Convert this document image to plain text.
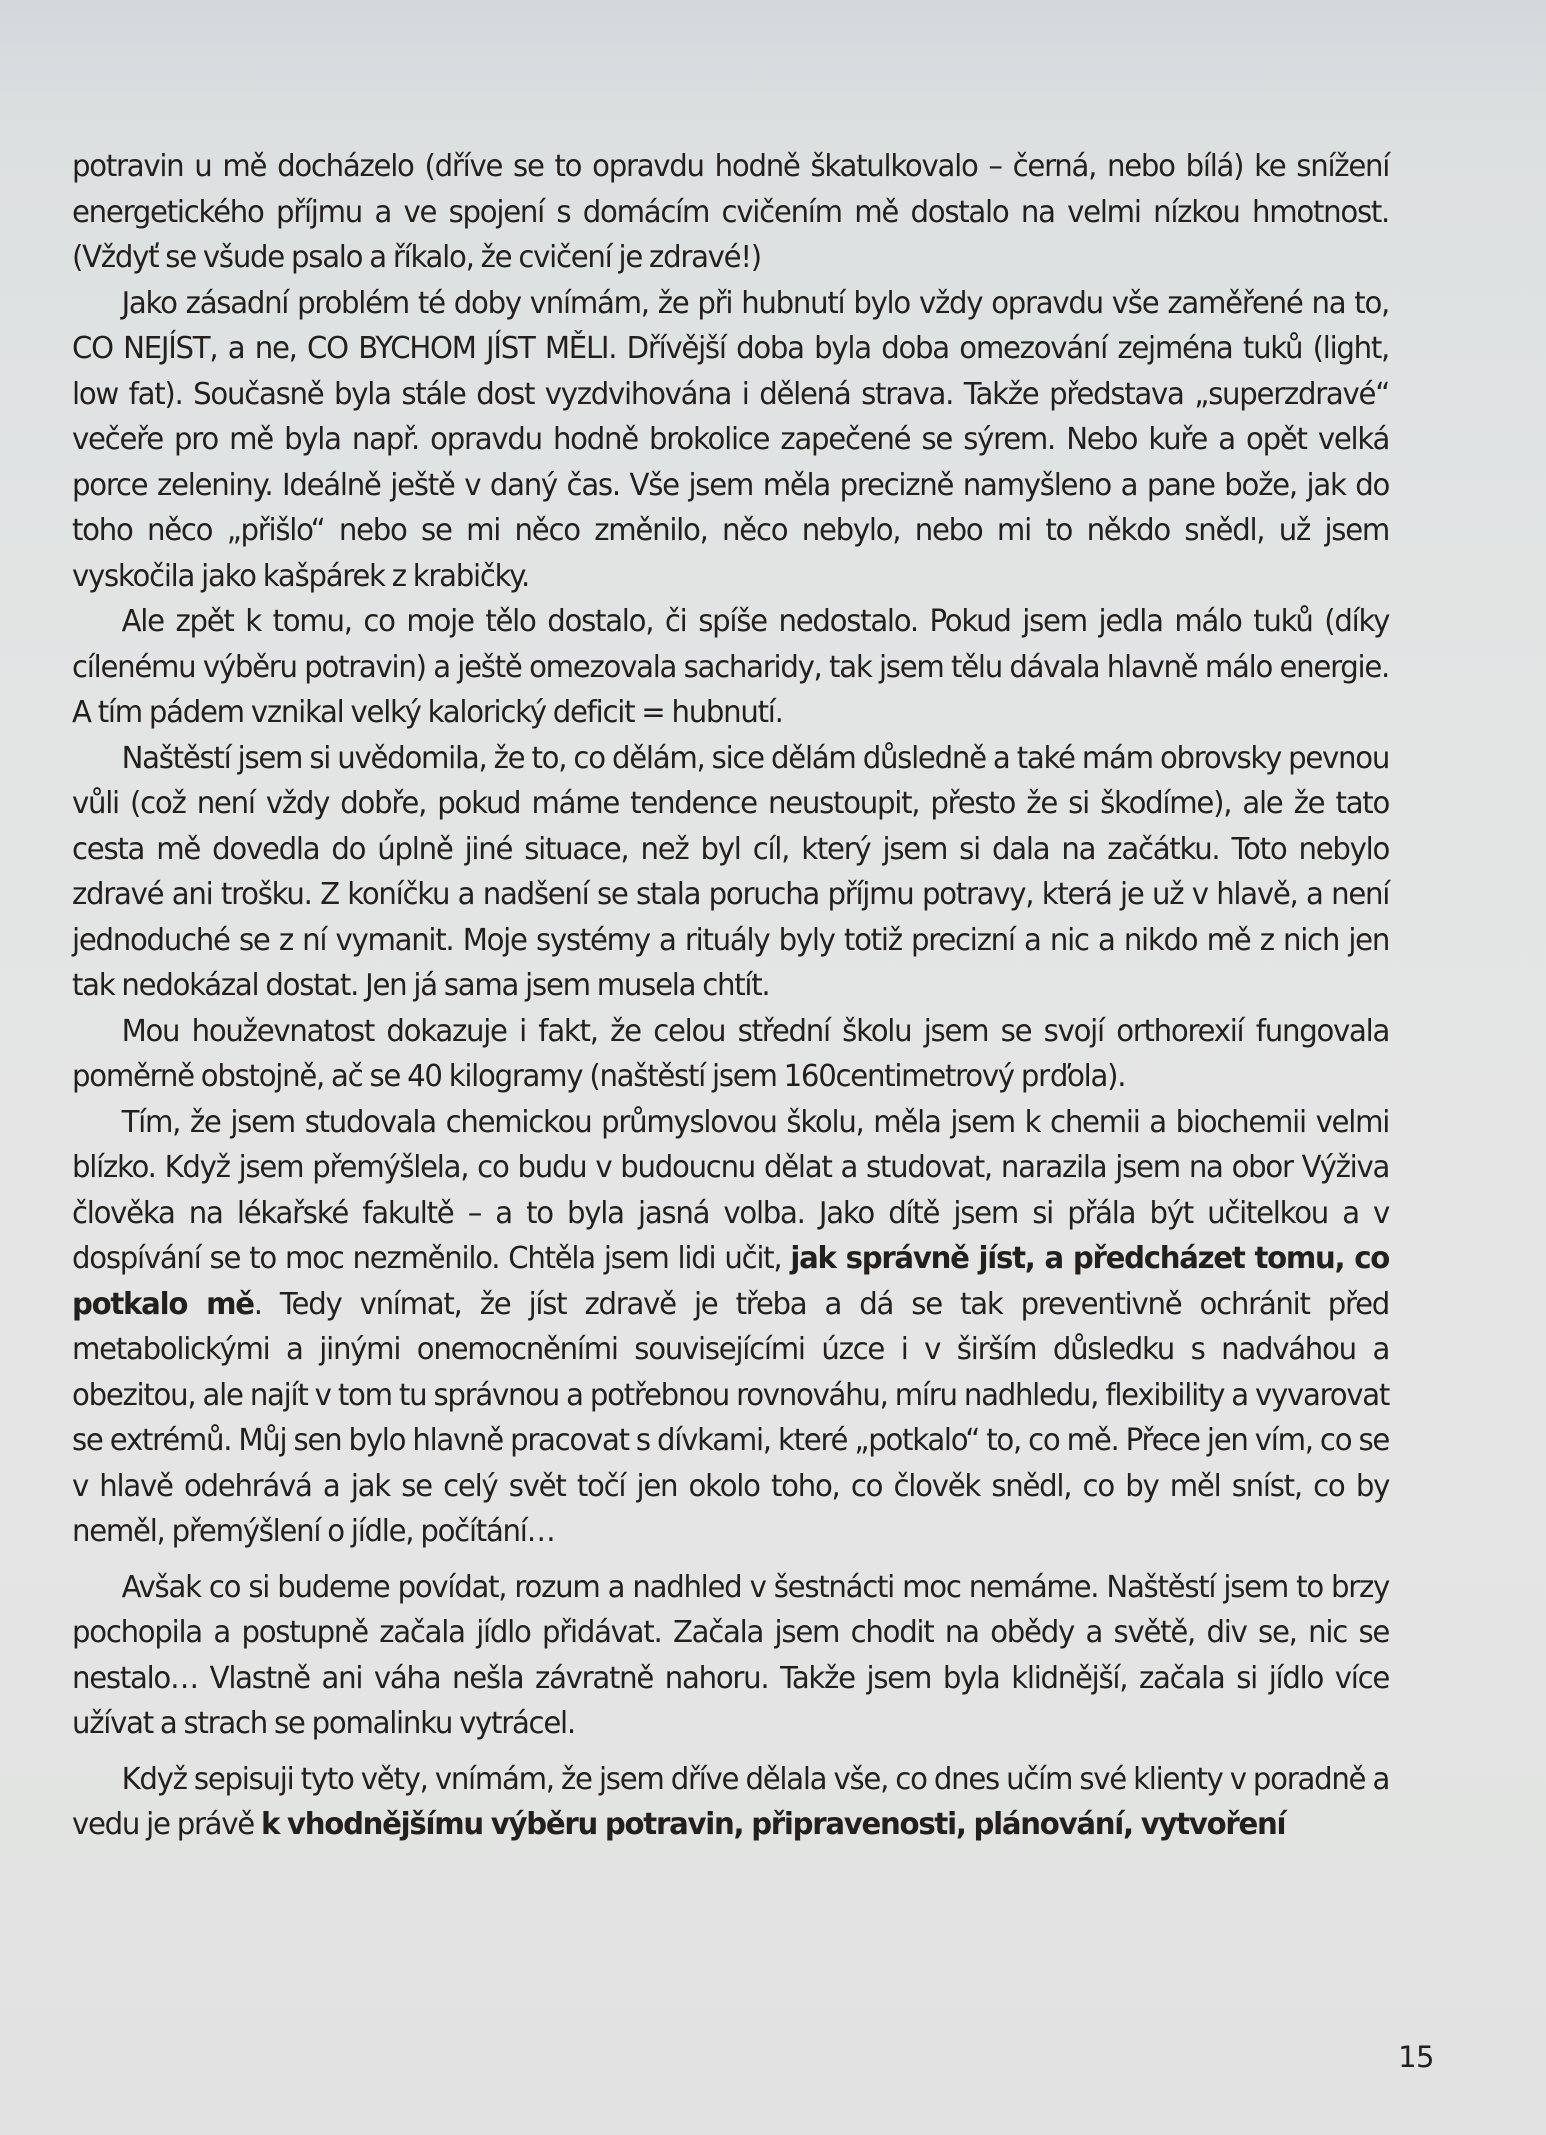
potravin u mě docházelo (dříve se to opravdu hodně škatulkovalo – černá, nebo bílá) ke snížení energetického příjmu a ve spojení s domácím cvičením mě dostalo na velmi nízkou hmotnost. (Vždyť se všude psalo a říkalo, že cvičení je zdravé!)

Jako zásadní problém té doby vnímám, že při hubnutí bylo vždy opravdu vše zaměřené na to, CO NEJÍST, a ne, CO BYCHOM JÍST MĚLI. Dřívější doba byla doba omezování zejména tuků (light, low fat). Současně byla stále dost vyzdvihována i dělená strava. Takže představa „superzdravé“ večeře pro mě byla např. opravdu hodně brokolice zapečené se sýrem. Nebo kuře a opět velká porce zeleniny. Ideálně ještě v daný čas. Vše jsem měla precizně namyšleno a pane bože, jak do toho něco „přišlo“ nebo se mi něco změnilo, něco nebylo, nebo mi to někdo snědl, už jsem vyskočila jako kašpárek z krabičky.

Ale zpět k tomu, co moje tělo dostalo, či spíše nedostalo. Pokud jsem jedla málo tuků (díky cílenému výběru potravin) a ještě omezovala sacharidy, tak jsem tělu dávala hlavně málo energie. A tím pádem vznikal velký kalorický deficit = hubnutí.

Naštěstí jsem si uvědomila, že to, co dělám, sice dělám důsledně a také mám obrovsky pevnou vůli (což není vždy dobře, pokud máme tendence neustoupit, přesto že si škodíme), ale že tato cesta mě dovedla do úplně jiné situace, než byl cíl, který jsem si dala na začátku. Toto nebylo zdravé ani trošku. Z koníčku a nadšení se stala porucha příjmu potravy, která je už v hlavě, a není jednoduché se z ní vymanit. Moje systémy a rituály byly totiž precizní a nic a nikdo mě z nich jen tak nedokázal dostat. Jen já sama jsem musela chtít.

Mou houževnatost dokazuje i fakt, že celou střední školu jsem se svojí orthorexií fungovala poměrně obstojně, ač se 40 kilogramy (naštěstí jsem 160centimetrový prďola).

Tím, že jsem studovala chemickou průmyslovou školu, měla jsem k chemii a biochemii velmi blízko. Když jsem přemýšlela, co budu v budoucnu dělat a studovat, narazila jsem na obor Výživa člověka na lékařské fakultě – a to byla jasná volba. Jako dítě jsem si přála být učitelkou a v dospívání se to moc nezměnilo. Chtěla jsem lidi učit, jak správně jíst, a předcházet tomu, co potkalo mě. Tedy vnímat, že jíst zdravě je třeba a dá se tak preventivně ochránit před metabolickými a jinými onemocněními souvisejícími úzce i v širším důsledku s nadváhou a obezitou, ale najít v tom tu správnou a potřebnou rovnováhu, míru nadhledu, flexibility a vyvarovat se extrémů. Můj sen bylo hlavně pracovat s dívkami, které „potkalo“ to, co mě. Přece jen vím, co se v hlavě odehrává a jak se celý svět točí jen okolo toho, co člověk snědl, co by měl sníst, co by neměl, přemýšlení o jídle, počítání…

Avšak co si budeme povídat, rozum a nadhled v šestnácti moc nemáme. Naštěstí jsem to brzy pochopila a postupně začala jídlo přidávat. Začala jsem chodit na obědy a světě, div se, nic se nestalo… Vlastně ani váha nešla závratně nahoru. Takže jsem byla klidnější, začala si jídlo více užívat a strach se pomalinku vytrácel.

Když sepisuji tyto věty, vnímám, že jsem dříve dělala vše, co dnes učím své klienty v poradně a vedu je právě k vhodnějšímu výběru potravin, připravenosti, plánování, vytvoření

15
